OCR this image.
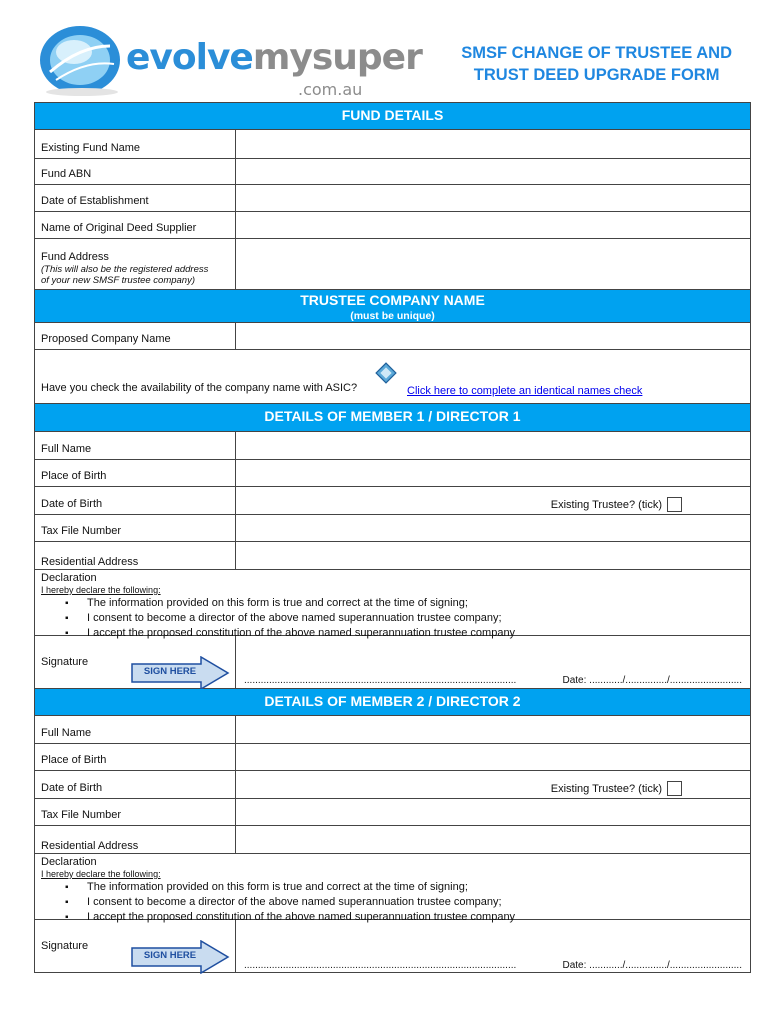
evolvemysuper
.com.au
SMSF CHANGE OF TRUSTEE AND
TRUST DEED UPGRADE FORM
FUND DETAILS
Existing Fund Name
Fund ABN
Date of Establishment
Name of Original Deed Supplier
Fund Address
(This will also be the registered address
of your new SMSF trustee company)
TRUSTEE COMPANY NAME
(must be unique)
Proposed Company Name
Have you check the availability of the company name with ASIC?	Click here to complete an identical names check
DETAILS OF MEMBER 1 / DIRECTOR 1
Full Name
Place of Birth
Date of Birth	Existing Trustee? (tick)
Tax File Number
Residential Address
Declaration
I hereby declare the following:
▪ The information provided on this form is true and correct at the time of signing;
▪ I consent to become a director of the above named superannuation trustee company;
▪ I accept the proposed constitution of the above named superannuation trustee company
Signature
SIGN HERE
..................................................................................................	Date: ............/.............../..........................
DETAILS OF MEMBER 2 / DIRECTOR 2
Full Name
Place of Birth
Date of Birth	Existing Trustee? (tick)
Tax File Number
Residential Address
Declaration
I hereby declare the following:
▪ The information provided on this form is true and correct at the time of signing;
▪ I consent to become a director of the above named superannuation trustee company;
▪ I accept the proposed constitution of the above named superannuation trustee company
Signature
SIGN HERE
..................................................................................................	Date: ............/.............../..........................
